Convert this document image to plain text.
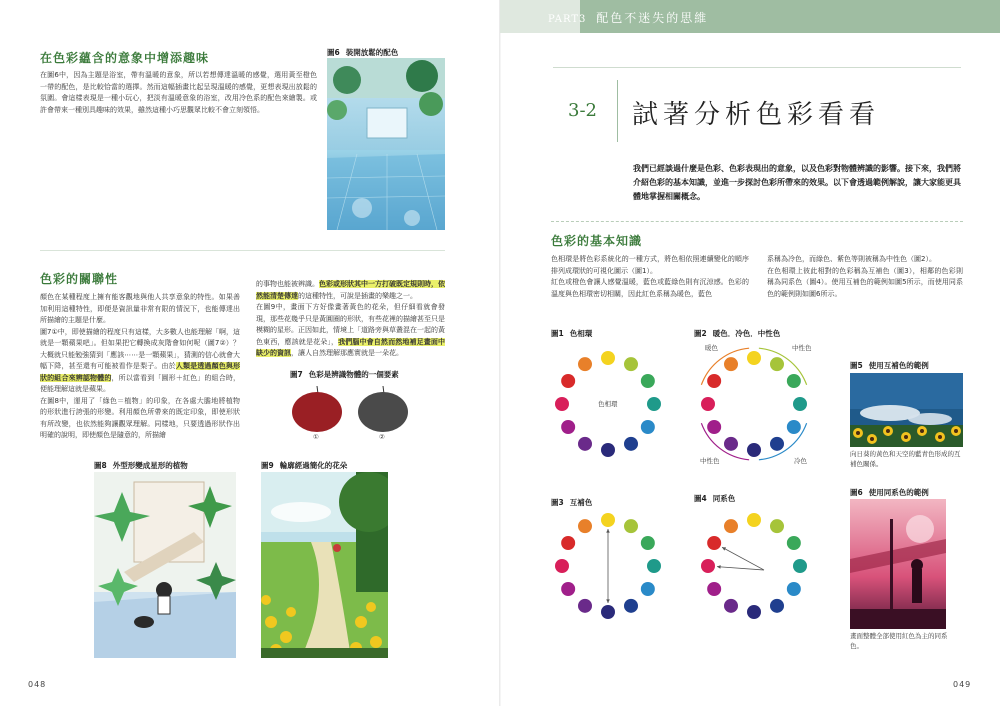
PART3 配色不迷失的思維
在色彩蘊含的意象中增添趣味
在圖6中，因為主題是浴室，帶有溫暖的意象，所以若想傳達溫暖的感覺，選用黃至橙色一帶的配色，是比較恰當的選擇。然而這幅插畫比起呈現溫暖的感覺，更想表現出放鬆的氛圍。會這樣表現是一種小玩心，把淡有溫暖意象的浴室，改用冷色系的配色來繪製。或許會帶來一種別具趣味的效果，雖然這種小巧思觀眾比較不會立刻領悟。
圖6 裝開放鬆的配色
色彩的關聯性
顏色在某種程度上擁有能客觀地與他人共享意象的特性。如果善加利用這種特性，即便是資訊量非常有限的情況下，也能傳達出所描繪的主題是什麼。
圖7①中，即使描繪的程度只有這樣，大多數人也能理解「啊，這就是一顆蘋果吧」。但如果把它轉換成灰階會如何呢（圖7②）？大概就只能勉強猜到「應該⋯⋯是一顆蘋果」，猜測的信心就會大幅下降，甚至還有可能被看作是梨子。由於人類是透過顏色與形狀的組合來辨認物體的，所以當看到「圓形＋紅色」的組合時，便能理解這就是蘋果。
在圖8中，運用了「綠色＝植物」的印象，在各處大膽地將植物的形狀進行誇張的形變。利用顏色所帶來的既定印象，即使形狀有所改變，也依然能夠讓觀眾理解。同樣地，只要透過形狀作出明確的說明，即使顏色是隨意的，所描繪
的事物也能被辨識。色彩或形狀其中一方打破既定規則時，依然能清楚傳達的這種特性，可說是插畫的樂趣之一。
在圖9中，畫面下方好像畫著黃色的花朵，但仔細看就會發現，那些花幾乎只是黃圓圈的形狀，有些花裡的描繪甚至只是模糊的星形。正因如此，情境上「道路旁與草叢混在一起的黃色東西，應該就是花朵」，我們腦中會自然而然地補足畫面中缺少的資訊，讓人自然理解那應實就是一朵花。
圖7 色彩是辨識物體的一個要素
①	②
圖8 外型形變成星形的植物	圖9 輪廓經過簡化的花朵
048
3-2 試著分析色彩看看
我們已經談過什麼是色彩、色彩表現出的意象，以及色彩對物體辨識的影響。接下來，我們將介紹色彩的基本知識，並進一步探討色彩所帶來的效果。以下會透過範例解說，讓大家能更具體地掌握相關概念。
色彩的基本知識
色相環是將色彩系統化的一種方式，將色相依照連續變化的順序排列成環狀的可視化圖示（圖1）。
紅色或橙色會讓人感覺溫暖，藍色或藍綠色則有沉涼感。色彩的溫度與色相環密切相關，因此紅色系稱為暖色，藍色
系稱為冷色，而綠色、紫色等則被稱為中性色（圖2）。
在色相環上彼此相對的色彩稱為互補色（圖3），相鄰的色彩則稱為同系色（圖4）。使用互補色的範例如圖5所示，而使用同系色的範例則如圖6所示。
圖1 色相環
色相環
圖2 暖色．冷色．中性色
暖色	中性色
中性色	冷色
圖3 互補色	圖4 同系色
圖5 使用互補色的範例
向日葵的黃色和天空的藍青色形成的互補色關係。
圖6 使用同系色的範例
畫面整體全部使用紅色為主的同系色。
049
